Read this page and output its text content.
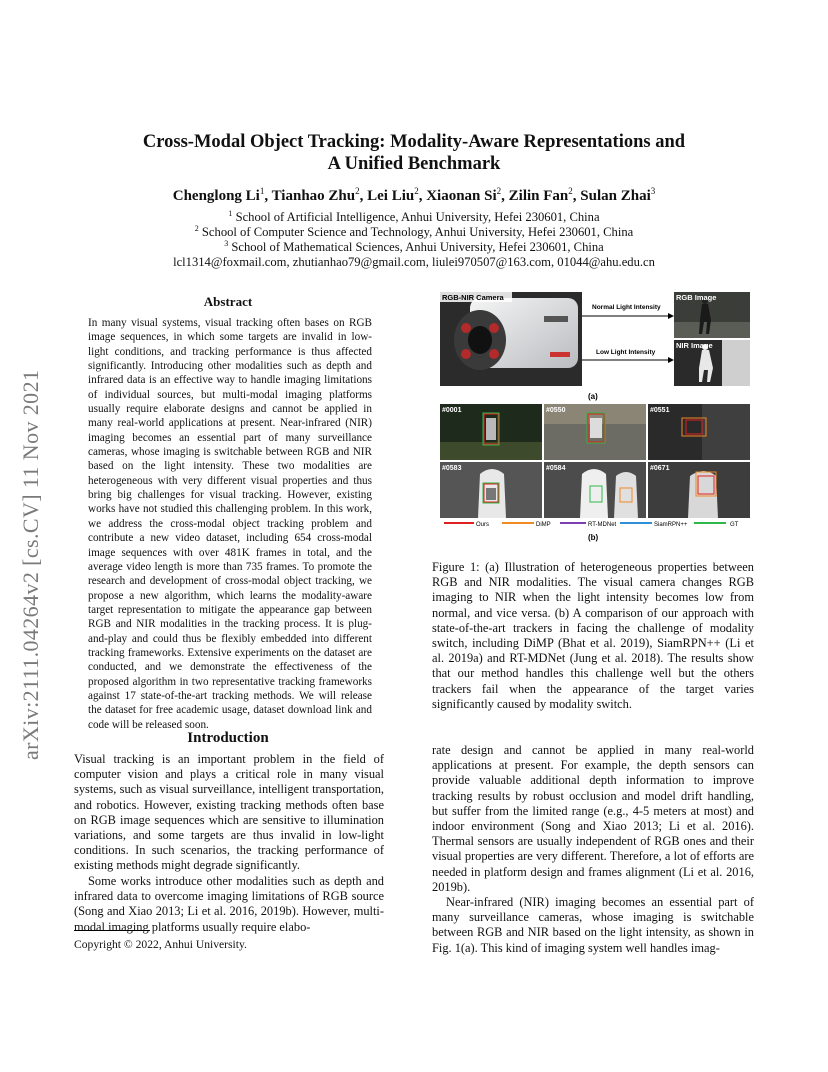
arXiv:2111.04264v2 [cs.CV] 11 Nov 2021
Cross-Modal Object Tracking: Modality-Aware Representations and
A Unified Benchmark
Chenglong Li$^1$, Tianhao Zhu$^2$, Lei Liu$^2$, Xiaonan Si$^2$, Zilin Fan$^2$, Sulan Zhai$^3$
$^1$ School of Artificial Intelligence, Anhui University, Hefei 230601, China
$^2$ School of Computer Science and Technology, Anhui University, Hefei 230601, China
$^3$ School of Mathematical Sciences, Anhui University, Hefei 230601, China
lcl1314@foxmail.com, zhutianhao79@gmail.com, liulei970507@163.com, 01044@ahu.edu.cn
Abstract

In many visual systems, visual tracking often bases on RGB image sequences, in which some targets are invalid in low-light conditions, and tracking performance is thus affected significantly. Introducing other modalities such as depth and infrared data is an effective way to handle imaging limitations of individual sources, but multi-modal imaging platforms usually require elaborate designs and cannot be applied in many real-world applications at present. Near-infrared (NIR) imaging becomes an essential part of many surveillance cameras, whose imaging is switchable between RGB and NIR based on the light intensity. These two modalities are heterogeneous with very different visual properties and thus bring big challenges for visual tracking. However, existing works have not studied this challenging problem. In this work, we address the cross-modal object tracking problem and contribute a new video dataset, including 654 cross-modal image sequences with over 481K frames in total, and the average video length is more than 735 frames. To promote the research and development of cross-modal object tracking, we propose a new algorithm, which learns the modality-aware target representation to mitigate the appearance gap between RGB and NIR modalities in the tracking process. It is plug-and-play and could thus be flexibly embedded into different tracking frameworks. Extensive experiments on the dataset are conducted, and we demonstrate the effectiveness of the proposed algorithm in two representative tracking frameworks against 17 state-of-the-art tracking methods. We will release the dataset for free academic usage, dataset download link and code will be released soon.

Introduction

Visual tracking is an important problem in the field of computer vision and plays a critical role in many visual systems, such as visual surveillance, intelligent transportation, and robotics. However, existing tracking methods often base on RGB image sequences which are sensitive to illumination variations, and some targets are thus invalid in low-light conditions. In such scenarios, the tracking performance of existing methods might degrade significantly.

Some works introduce other modalities such as depth and infrared data to overcome imaging limitations of RGB source (Song and Xiao 2013; Li et al. 2016, 2019b). However, multi-modal imaging platforms usually require elabo-

Copyright © 2022, Anhui University.
RGB-NIR Camera
Normal Light Intensity
Low Light Intensity
RGB Image
NIR Image
(a)
#0001	#0550	#0551
#0583	#0584	#0671
Ours	DiMP	RT-MDNet	SiamRPN++	GT
(b)

Figure 1: (a) Illustration of heterogeneous properties between RGB and NIR modalities. The visual camera changes RGB imaging to NIR when the light intensity becomes low from normal, and vice versa. (b) A comparison of our approach with state-of-the-art trackers in facing the challenge of modality switch, including DiMP (Bhat et al. 2019), SiamRPN++ (Li et al. 2019a) and RT-MDNet (Jung et al. 2018). The results show that our method handles this challenge well but the others trackers fail when the appearance of the target varies significantly caused by modality switch.

rate design and cannot be applied in many real-world applications at present. For example, the depth sensors can provide valuable additional depth information to improve tracking results by robust occlusion and model drift handling, but suffer from the limited range (e.g., 4-5 meters at most) and indoor environment (Song and Xiao 2013; Li et al. 2016). Thermal sensors are usually independent of RGB ones and their visual properties are very different. Therefore, a lot of efforts are needed in platform design and frames alignment (Li et al. 2016, 2019b).

Near-infrared (NIR) imaging becomes an essential part of many surveillance cameras, whose imaging is switchable between RGB and NIR based on the light intensity, as shown in Fig. 1(a). This kind of imaging system well handles imag-
